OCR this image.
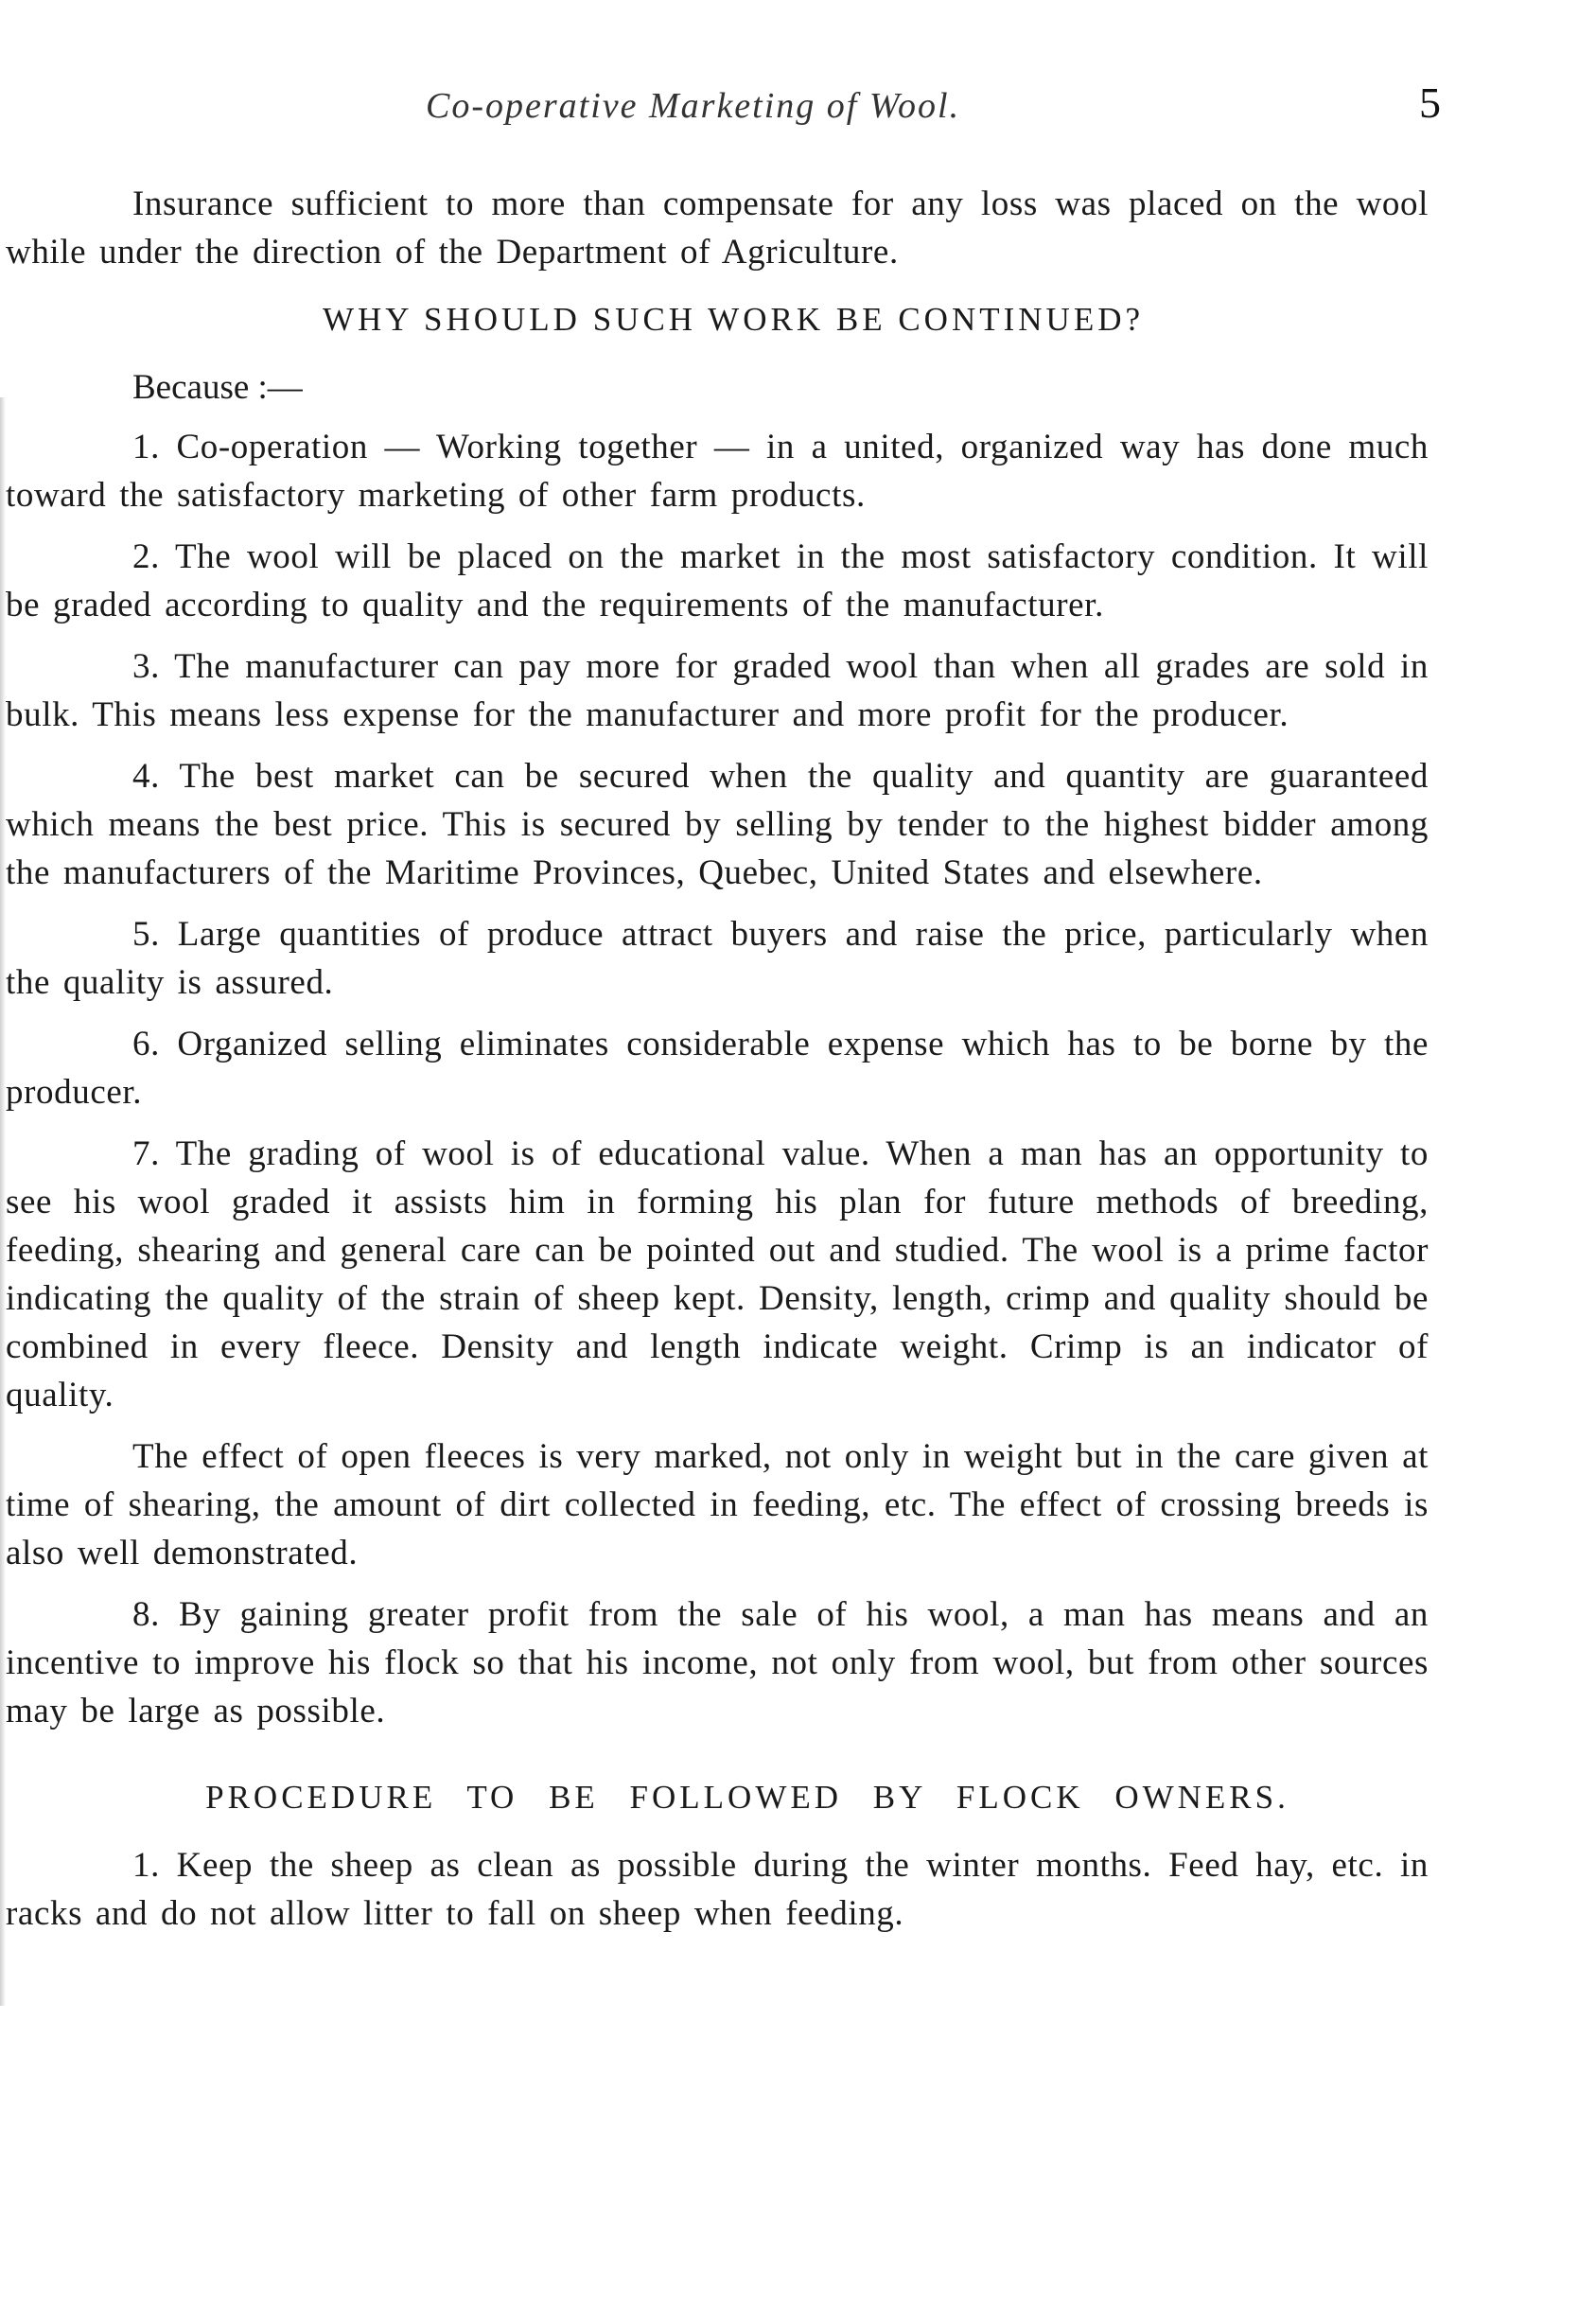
Co-operative Marketing of Wool.	5

Insurance sufficient to more than compensate for any loss was placed on the wool while under the direction of the Department of Agriculture.

WHY SHOULD SUCH WORK BE CONTINUED?

Because :—

1. Co-operation — Working together — in a united, organized way has done much toward the satisfactory marketing of other farm products.

2. The wool will be placed on the market in the most satisfactory condition. It will be graded according to quality and the requirements of the manufacturer.

3. The manufacturer can pay more for graded wool than when all grades are sold in bulk. This means less expense for the manufacturer and more profit for the producer.

4. The best market can be secured when the quality and quantity are guaranteed which means the best price. This is secured by selling by tender to the highest bidder among the manufacturers of the Maritime Provinces, Quebec, United States and elsewhere.

5. Large quantities of produce attract buyers and raise the price, particularly when the quality is assured.

6. Organized selling eliminates considerable expense which has to be borne by the producer.

7. The grading of wool is of educational value. When a man has an opportunity to see his wool graded it assists him in forming his plan for future methods of breeding, feeding, shearing and general care can be pointed out and studied. The wool is a prime factor indicating the quality of the strain of sheep kept. Density, length, crimp and quality should be combined in every fleece. Density and length indicate weight. Crimp is an indicator of quality.

The effect of open fleeces is very marked, not only in weight but in the care given at time of shearing, the amount of dirt collected in feeding, etc. The effect of crossing breeds is also well demonstrated.

8. By gaining greater profit from the sale of his wool, a man has means and an incentive to improve his flock so that his income, not only from wool, but from other sources may be large as possible.

PROCEDURE TO BE FOLLOWED BY FLOCK OWNERS.

1. Keep the sheep as clean as possible during the winter months. Feed hay, etc. in racks and do not allow litter to fall on sheep when feeding.
